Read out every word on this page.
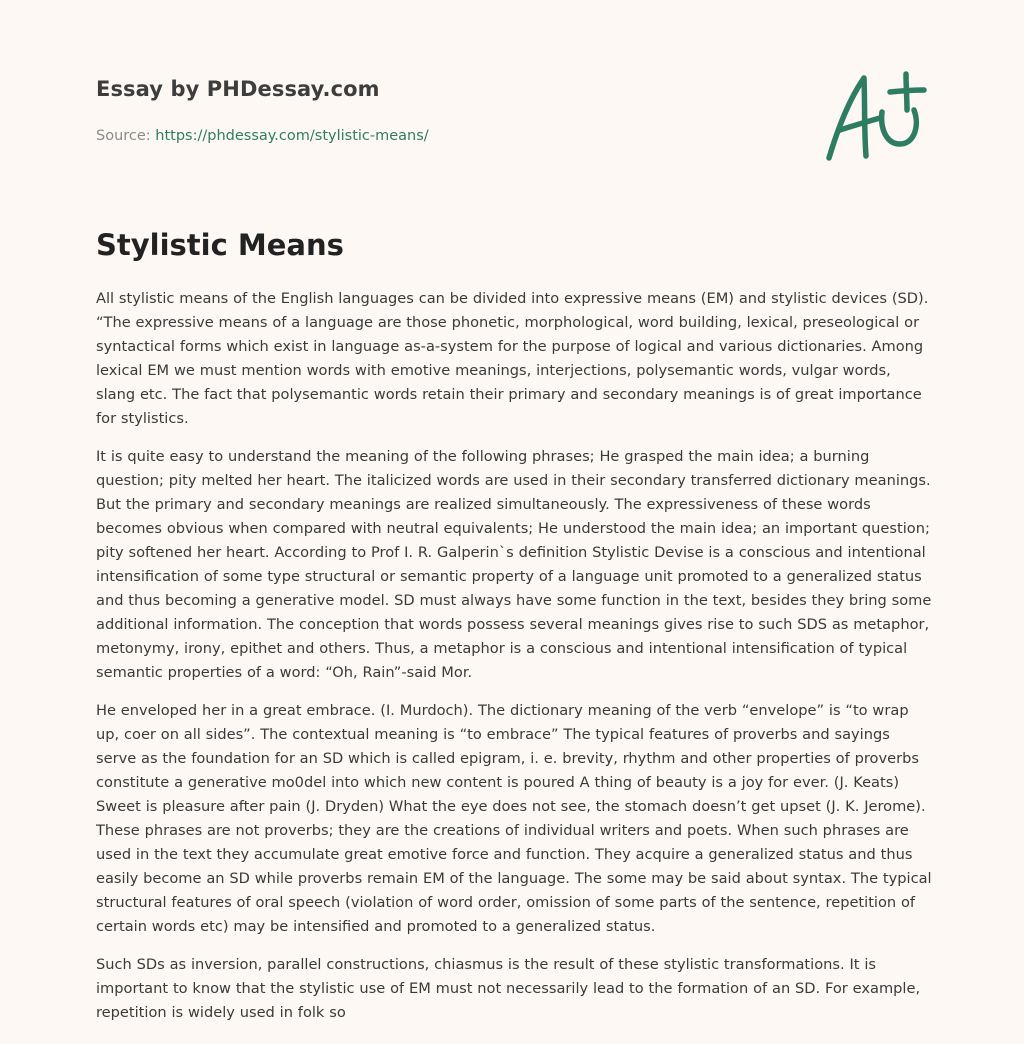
Essay by PHDessay.com
Source: https://phdessay.com/stylistic-means/
Stylistic Means

All stylistic means of the English languages can be divided into expressive means (EM) and stylistic devices (SD). “The expressive means of a language are those phonetic, morphological, word building, lexical, preseological or syntactical forms which exist in language as-a-system for the purpose of logical and various dictionaries. Among lexical EM we must mention words with emotive meanings, interjections, polysemantic words, vulgar words, slang etc. The fact that polysemantic words retain their primary and secondary meanings is of great importance for stylistics.

It is quite easy to understand the meaning of the following phrases; He grasped the main idea; a burning question; pity melted her heart. The italicized words are used in their secondary transferred dictionary meanings. But the primary and secondary meanings are realized simultaneously. The expressiveness of these words becomes obvious when compared with neutral equivalents; He understood the main idea; an important question; pity softened her heart. According to Prof I. R. Galperin`s definition Stylistic Devise is a conscious and intentional intensification of some type structural or semantic property of a language unit promoted to a generalized status and thus becoming a generative model. SD must always have some function in the text, besides they bring some additional information. The conception that words possess several meanings gives rise to such SDS as metaphor, metonymy, irony, epithet and others. Thus, a metaphor is a conscious and intentional intensification of typical semantic properties of a word: “Oh, Rain”-said Mor.

He enveloped her in a great embrace. (I. Murdoch). The dictionary meaning of the verb “envelope” is “to wrap up, coer on all sides”. The contextual meaning is “to embrace” The typical features of proverbs and sayings serve as the foundation for an SD which is called epigram, i. e. brevity, rhythm and other properties of proverbs constitute a generative mo0del into which new content is poured A thing of beauty is a joy for ever. (J. Keats) Sweet is pleasure after pain (J. Dryden) What the eye does not see, the stomach doesn’t get upset (J. K. Jerome). These phrases are not proverbs; they are the creations of individual writers and poets. When such phrases are used in the text they accumulate great emotive force and function. They acquire a generalized status and thus easily become an SD while proverbs remain EM of the language. The some may be said about syntax. The typical structural features of oral speech (violation of word order, omission of some parts of the sentence, repetition of certain words etc) may be intensified and promoted to a generalized status.

Such SDs as inversion, parallel constructions, chiasmus is the result of these stylistic transformations. It is important to know that the stylistic use of EM must not necessarily lead to the formation of an SD. For example, repetition is widely used in folk so
